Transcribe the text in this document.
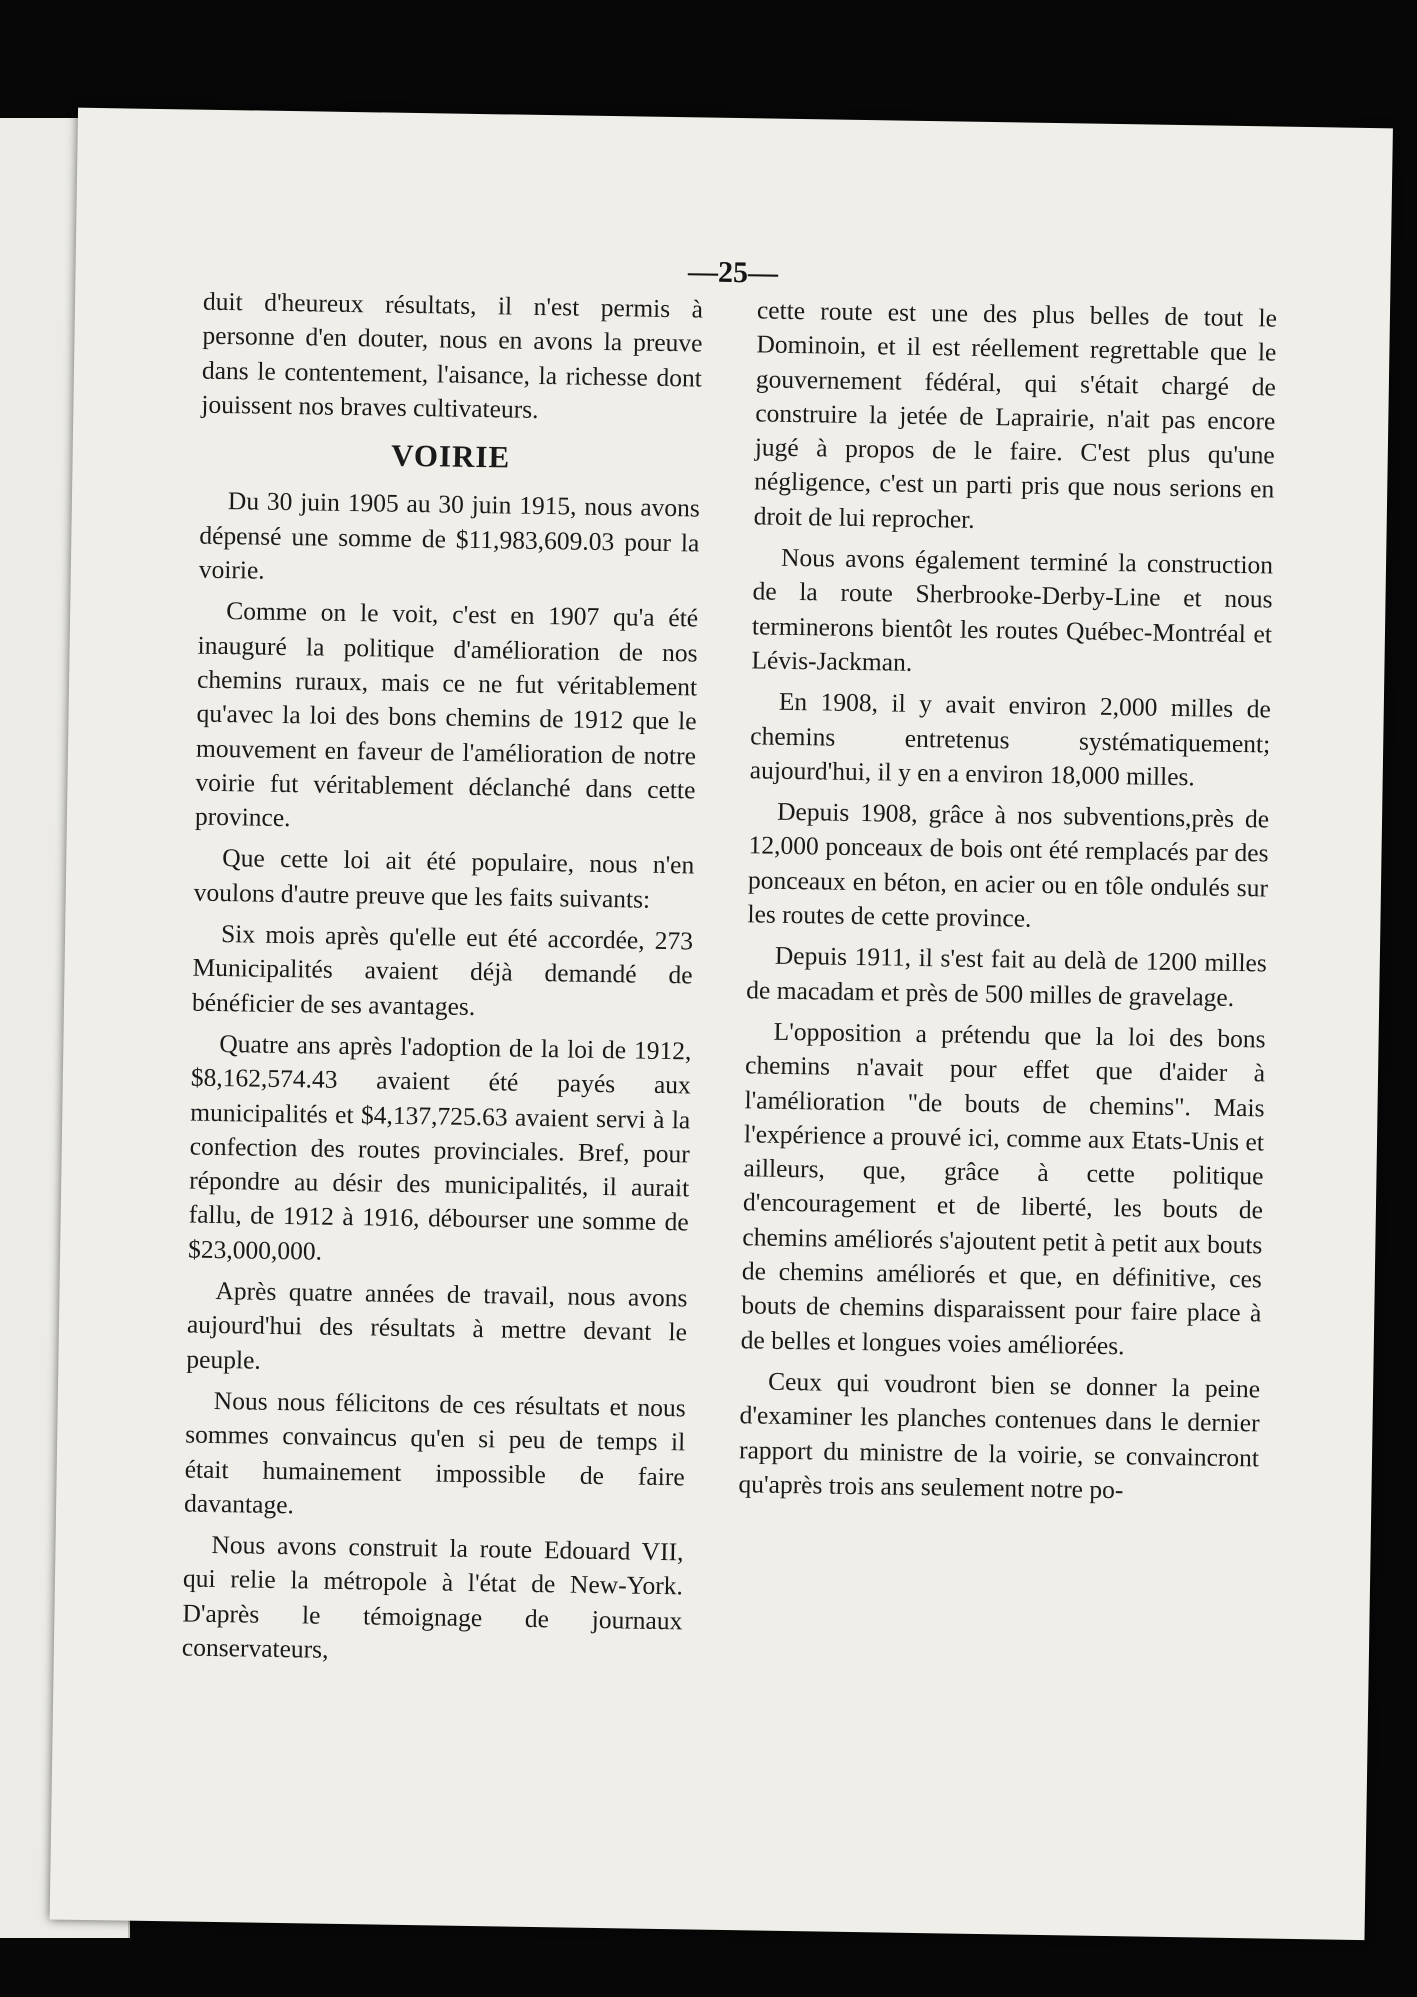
—25—

duit d'heureux résultats, il n'est permis à personne d'en douter, nous en avons la preuve dans le contentement, l'aisance, la richesse dont jouissent nos braves cultivateurs.

VOIRIE

Du 30 juin 1905 au 30 juin 1915, nous avons dépensé une somme de $11,983,609.03 pour la voirie.

Comme on le voit, c'est en 1907 qu'a été inauguré la politique d'amélioration de nos chemins ruraux, mais ce ne fut véritablement qu'avec la loi des bons chemins de 1912 que le mouvement en faveur de l'amélioration de notre voirie fut véritablement déclanché dans cette province.

Que cette loi ait été populaire, nous n'en voulons d'autre preuve que les faits suivants:

Six mois après qu'elle eut été accordée, 273 Municipalités avaient déjà demandé de bénéficier de ses avantages.

Quatre ans après l'adoption de la loi de 1912, $8,162,574.43 avaient été payés aux municipalités et $4,137,725.63 avaient servi à la confection des routes provinciales. Bref, pour répondre au désir des municipalités, il aurait fallu, de 1912 à 1916, débourser une somme de $23,000,000.

Après quatre années de travail, nous avons aujourd'hui des résultats à mettre devant le peuple.

Nous nous félicitons de ces résultats et nous sommes convaincus qu'en si peu de temps il était humainement impossible de faire davantage.

Nous avons construit la route Edouard VII, qui relie la métropole à l'état de New-York. D'après le témoignage de journaux conservateurs,

cette route est une des plus belles de tout le Dominoin, et il est réellement regrettable que le gouvernement fédéral, qui s'était chargé de construire la jetée de Laprairie, n'ait pas encore jugé à propos de le faire. C'est plus qu'une négligence, c'est un parti pris que nous serions en droit de lui reprocher.

Nous avons également terminé la construction de la route Sherbrooke-Derby-Line et nous terminerons bientôt les routes Québec-Montréal et Lévis-Jackman.

En 1908, il y avait environ 2,000 milles de chemins entretenus systématiquement; aujourd'hui, il y en a environ 18,000 milles.

Depuis 1908, grâce à nos subventions,près de 12,000 ponceaux de bois ont été remplacés par des ponceaux en béton, en acier ou en tôle ondulés sur les routes de cette province.

Depuis 1911, il s'est fait au delà de 1200 milles de macadam et près de 500 milles de gravelage.

L'opposition a prétendu que la loi des bons chemins n'avait pour effet que d'aider à l'amélioration "de bouts de chemins". Mais l'expérience a prouvé ici, comme aux Etats-Unis et ailleurs, que, grâce à cette politique d'encouragement et de liberté, les bouts de chemins améliorés s'ajoutent petit à petit aux bouts de chemins améliorés et que, en définitive, ces bouts de chemins disparaissent pour faire place à de belles et longues voies améliorées.

Ceux qui voudront bien se donner la peine d'examiner les planches contenues dans le dernier rapport du ministre de la voirie, se convaincront qu'après trois ans seulement notre po-
